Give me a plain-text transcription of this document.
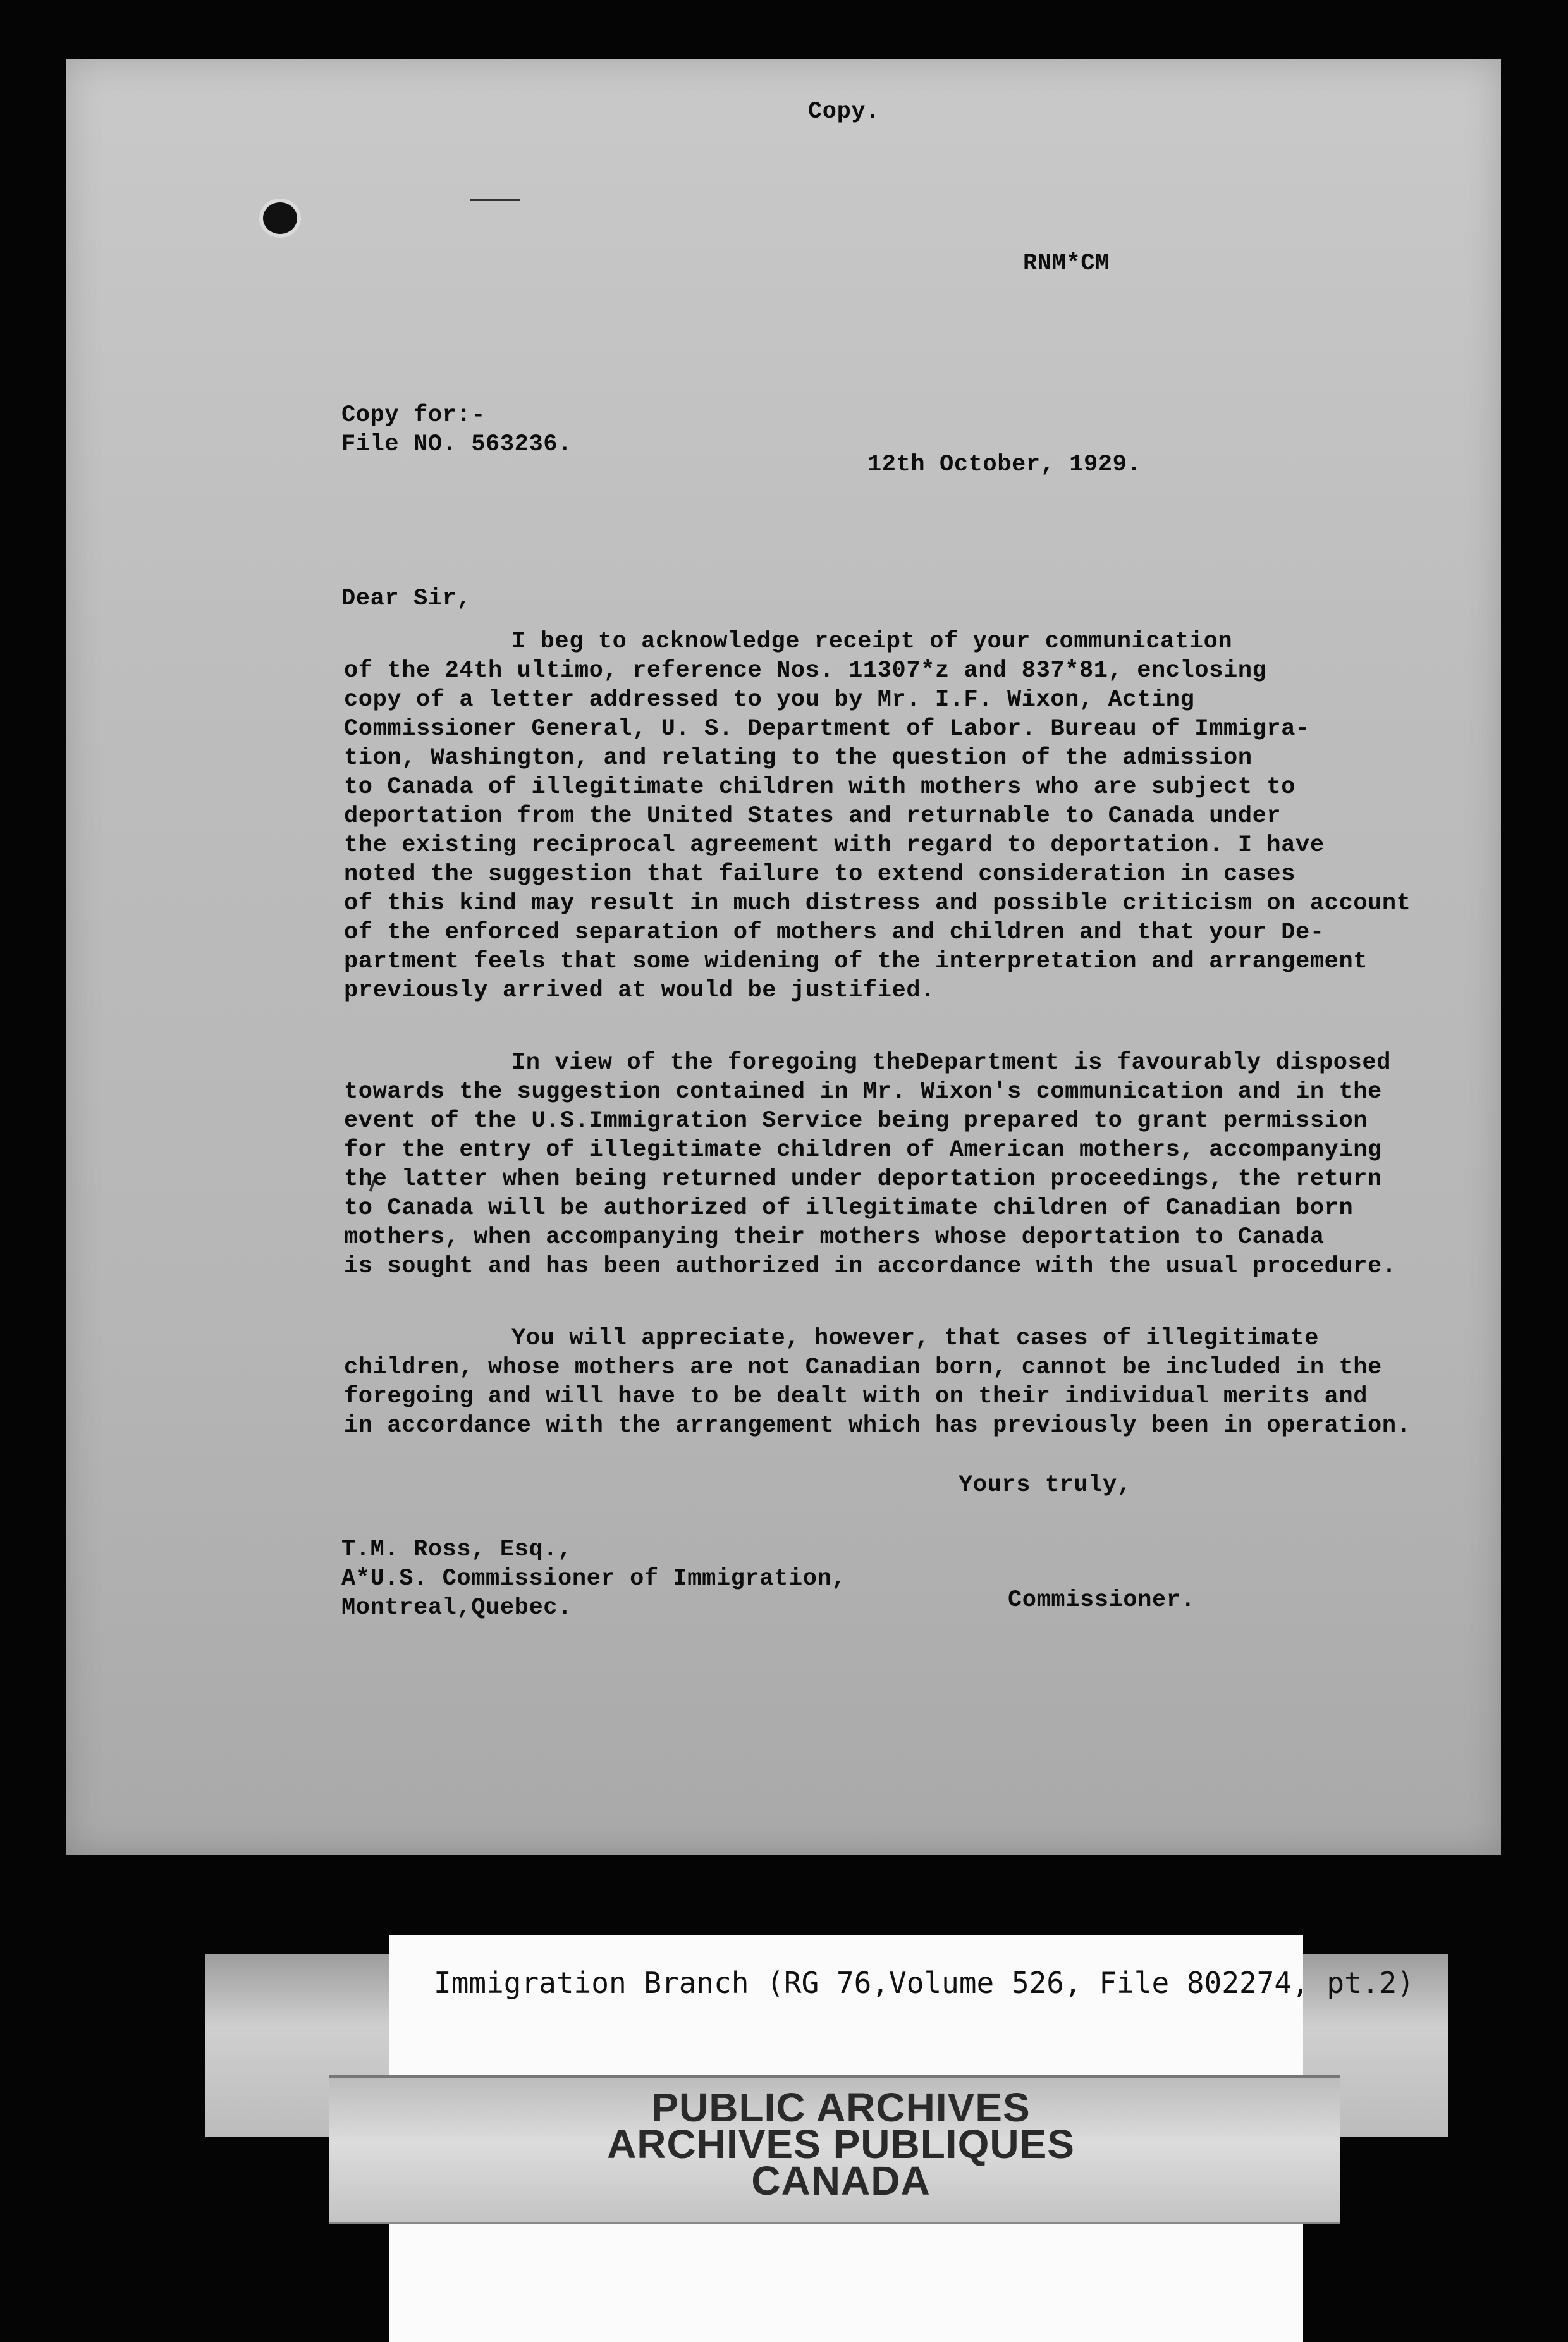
Copy.
RNM*CM
Copy for:-
File NO. 563236.
12th October, 1929.
Dear Sir,
I beg to acknowledge receipt of your communication
of the 24th ultimo, reference Nos. 11307*z and 837*81, enclosing
copy of a letter addressed to you by Mr. I.F. Wixon, Acting
Commissioner General, U. S. Department of Labor. Bureau of Immigra-
tion, Washington, and relating to the question of the admission
to Canada of illegitimate children with mothers who are subject to
deportation from the United States and returnable to Canada under
the existing reciprocal agreement with regard to deportation. I have
noted the suggestion that failure to extend consideration in cases
of this kind may result in much distress and possible criticism on account
of the enforced separation of mothers and children and that your De-
partment feels that some widening of the interpretation and arrangement
previously arrived at would be justified.
In view of the foregoing theDepartment is favourably disposed
towards the suggestion contained in Mr. Wixon's communication and in the
event of the U.S.Immigration Service being prepared to grant permission
for the entry of illegitimate children of American mothers, accompanying
the latter when being returned under deportation proceedings, the return
to Canada will be authorized of illegitimate children of Canadian born
mothers, when accompanying their mothers whose deportation to Canada
is sought and has been authorized in accordance with the usual procedure.
You will appreciate, however, that cases of illegitimate
children, whose mothers are not Canadian born, cannot be included in the
foregoing and will have to be dealt with on their individual merits and
in accordance with the arrangement which has previously been in operation.
Yours truly,
T.M. Ross, Esq.,
A*U.S. Commissioner of Immigration,
Montreal,Quebec.	Commissioner.
Immigration Branch (RG 76,Volume 526, File 802274, pt.2)
PUBLIC ARCHIVES
ARCHIVES PUBLIQUES
CANADA
